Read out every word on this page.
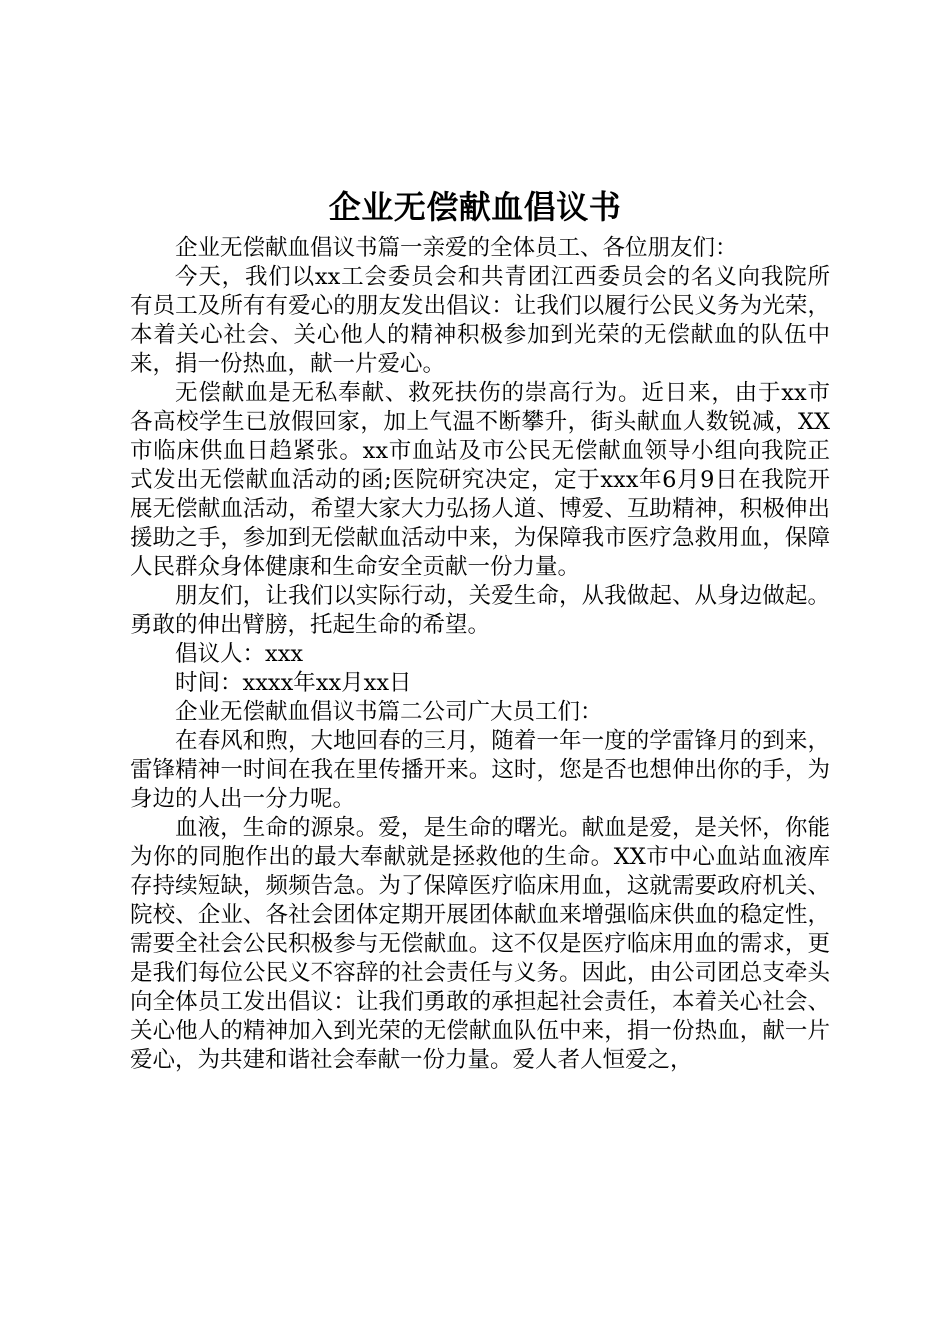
企业无偿献血倡议书

企业无偿献血倡议书篇一亲爱的全体员工、各位朋友们：

今天，我们以xx工会委员会和共青团江西委员会的名义向我院所有员工及所有有爱心的朋友发出倡议：让我们以履行公民义务为光荣，本着关心社会、关心他人的精神积极参加到光荣的无偿献血的队伍中来，捐一份热血，献一片爱心。

无偿献血是无私奉献、救死扶伤的崇高行为。近日来，由于xx市各高校学生已放假回家，加上气温不断攀升，街头献血人数锐减，XX市临床供血日趋紧张。xx市血站及市公民无偿献血领导小组向我院正式发出无偿献血活动的函;医院研究决定，定于xxx年6月9日在我院开展无偿献血活动，希望大家大力弘扬人道、博爱、互助精神，积极伸出援助之手，参加到无偿献血活动中来，为保障我市医疗急救用血，保障人民群众身体健康和生命安全贡献一份力量。

朋友们，让我们以实际行动，关爱生命，从我做起、从身边做起。勇敢的伸出臂膀，托起生命的希望。

倡议人：xxx

时间：xxxx年xx月xx日

企业无偿献血倡议书篇二公司广大员工们：

在春风和煦，大地回春的三月，随着一年一度的学雷锋月的到来，雷锋精神一时间在我在里传播开来。这时，您是否也想伸出你的手，为身边的人出一分力呢。

血液，生命的源泉。爱，是生命的曙光。献血是爱，是关怀，你能为你的同胞作出的最大奉献就是拯救他的生命。XX市中心血站血液库存持续短缺，频频告急。为了保障医疗临床用血，这就需要政府机关、院校、企业、各社会团体定期开展团体献血来增强临床供血的稳定性，需要全社会公民积极参与无偿献血。这不仅是医疗临床用血的需求，更是我们每位公民义不容辞的社会责任与义务。因此，由公司团总支牵头向全体员工发出倡议：让我们勇敢的承担起社会责任，本着关心社会、关心他人的精神加入到光荣的无偿献血队伍中来，捐一份热血，献一片爱心，为共建和谐社会奉献一份力量。爱人者人恒爱之，
